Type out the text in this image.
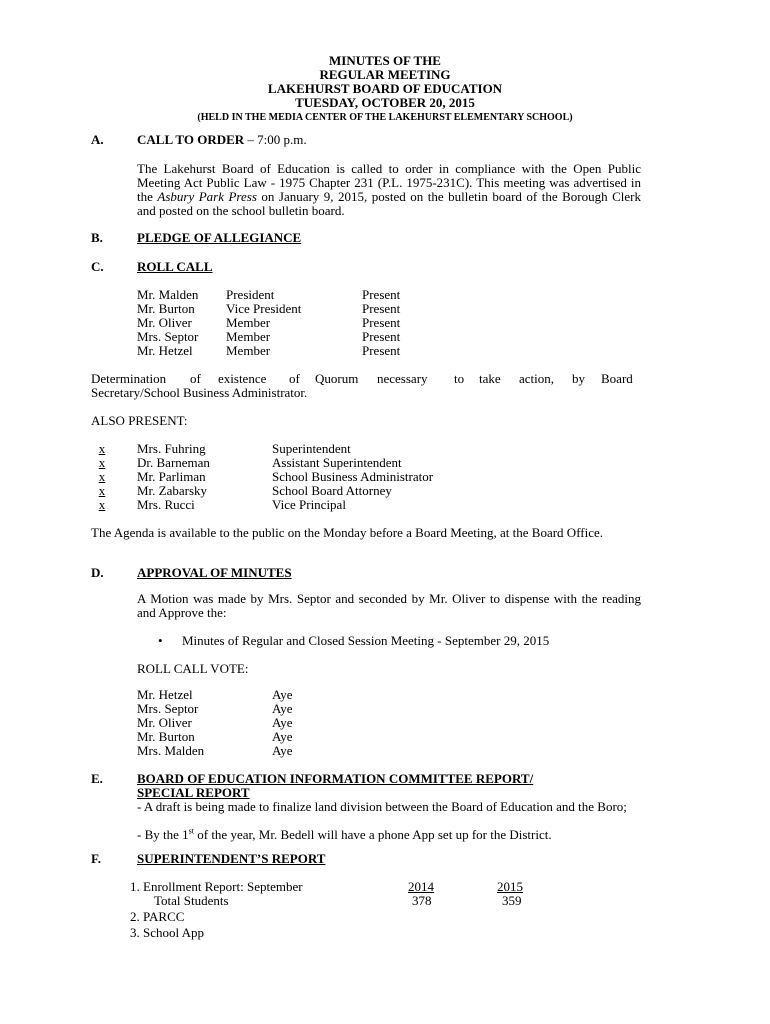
MINUTES OF THE
REGULAR MEETING
LAKEHURST BOARD OF EDUCATION
TUESDAY, OCTOBER 20, 2015
(HELD IN THE MEDIA CENTER OF THE LAKEHURST ELEMENTARY SCHOOL)
A.	CALL TO ORDER – 7:00 p.m.
The Lakehurst Board of Education is called to order in compliance with the Open Public Meeting Act Public Law - 1975 Chapter 231 (P.L. 1975-231C). This meeting was advertised in the Asbury Park Press on January 9, 2015, posted on the bulletin board of the Borough Clerk and posted on the school bulletin board.
B.	PLEDGE OF ALLEGIANCE
C.	ROLL CALL
Mr. Malden President	Present
Mr. Burton Vice President	Present
Mr. Oliver	Member	Present
Mrs. Septor Member	Present
Mr. Hetzel	Member	Present
Determination of existence of Quorum necessary to take action, by Board
Secretary/School Business Administrator.
ALSO PRESENT:
x	Mrs. Fuhring	Superintendent
x	Dr. Barneman	Assistant Superintendent
x	Mr. Parliman	School Business Administrator
x	Mr. Zabarsky	School Board Attorney
x	Mrs. Rucci	Vice Principal
The Agenda is available to the public on the Monday before a Board Meeting, at the Board Office.
D.	APPROVAL OF MINUTES
A Motion was made by Mrs. Septor and seconded by Mr. Oliver to dispense with the reading and Approve the:
• Minutes of Regular and Closed Session Meeting - September 29, 2015
ROLL CALL VOTE:
Mr. Hetzel	Aye
Mrs. Septor	Aye
Mr. Oliver	Aye
Mr. Burton	Aye
Mrs. Malden	Aye
E.	BOARD OF EDUCATION INFORMATION COMMITTEE REPORT/
SPECIAL REPORT
- A draft is being made to finalize land division between the Board of Education and the Boro;
- By the 1st of the year, Mr. Bedell will have a phone App set up for the District.
F.	SUPERINTENDENT’S REPORT
1. Enrollment Report: September	2014	2015
Total Students	378	359
2. PARCC
3. School App
